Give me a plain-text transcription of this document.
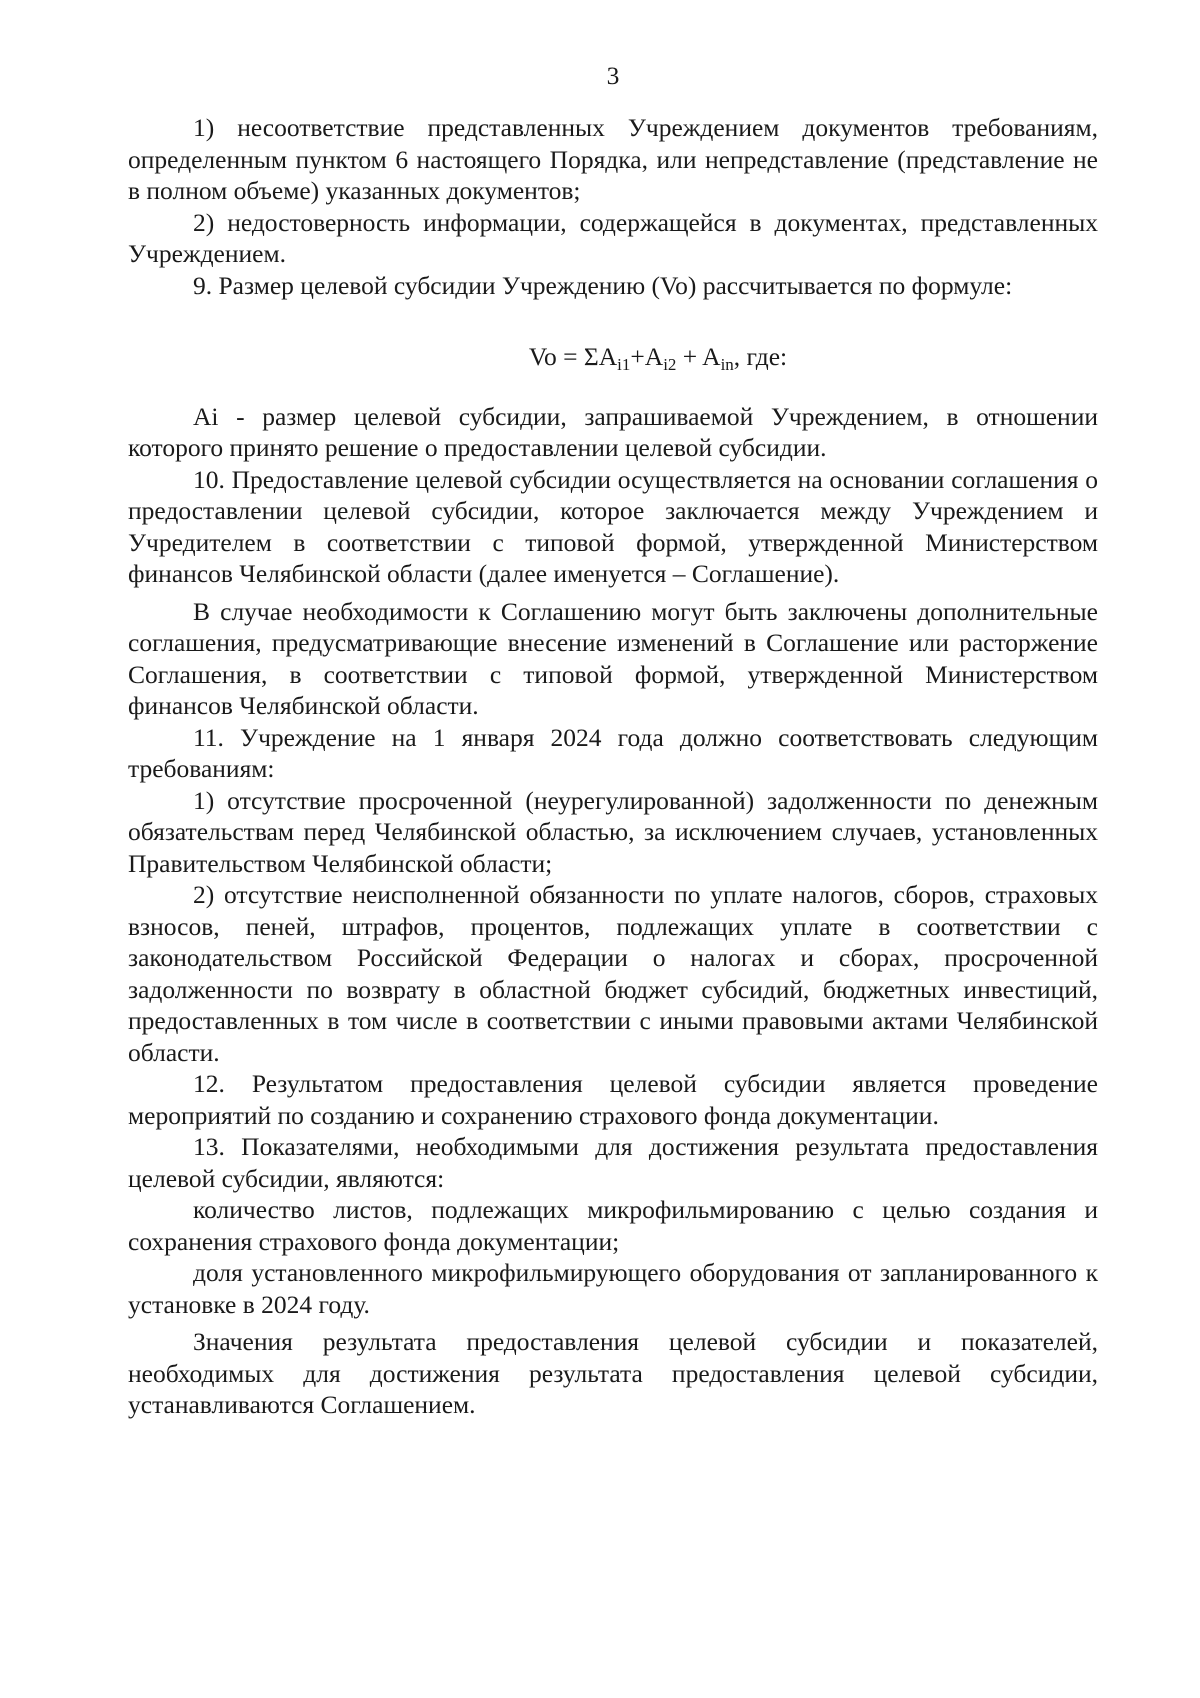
3

1) несоответствие представленных Учреждением документов требованиям, определенным пунктом 6 настоящего Порядка, или непредставление (представление не в полном объеме) указанных документов;

2) недостоверность информации, содержащейся в документах, представленных Учреждением.

9. Размер целевой субсидии Учреждению (Vo) рассчитывается по формуле:

$Vo = \Sigma A_{i1}+A_{i2} + A_{in}$, где:

Ai - размер целевой субсидии, запрашиваемой Учреждением, в отношении которого принято решение о предоставлении целевой субсидии.

10. Предоставление целевой субсидии осуществляется на основании соглашения о предоставлении целевой субсидии, которое заключается между Учреждением и Учредителем в соответствии с типовой формой, утвержденной Министерством финансов Челябинской области (далее именуется – Соглашение).

В случае необходимости к Соглашению могут быть заключены дополнительные соглашения, предусматривающие внесение изменений в Соглашение или расторжение Соглашения, в соответствии с типовой формой, утвержденной Министерством финансов Челябинской области.

11. Учреждение на 1 января 2024 года должно соответствовать следующим требованиям:

1) отсутствие просроченной (неурегулированной) задолженности по денежным обязательствам перед Челябинской областью, за исключением случаев, установленных Правительством Челябинской области;

2) отсутствие неисполненной обязанности по уплате налогов, сборов, страховых взносов, пеней, штрафов, процентов, подлежащих уплате в соответствии с законодательством Российской Федерации о налогах и сборах, просроченной задолженности по возврату в областной бюджет субсидий, бюджетных инвестиций, предоставленных в том числе в соответствии с иными правовыми актами Челябинской области.

12. Результатом предоставления целевой субсидии является проведение мероприятий по созданию и сохранению страхового фонда документации.

13. Показателями, необходимыми для достижения результата предоставления целевой субсидии, являются:

количество листов, подлежащих микрофильмированию с целью создания и сохранения страхового фонда документации;

доля установленного микрофильмирующего оборудования от запланированного к установке в 2024 году.

Значения результата предоставления целевой субсидии и показателей, необходимых для достижения результата предоставления целевой субсидии, устанавливаются Соглашением.
